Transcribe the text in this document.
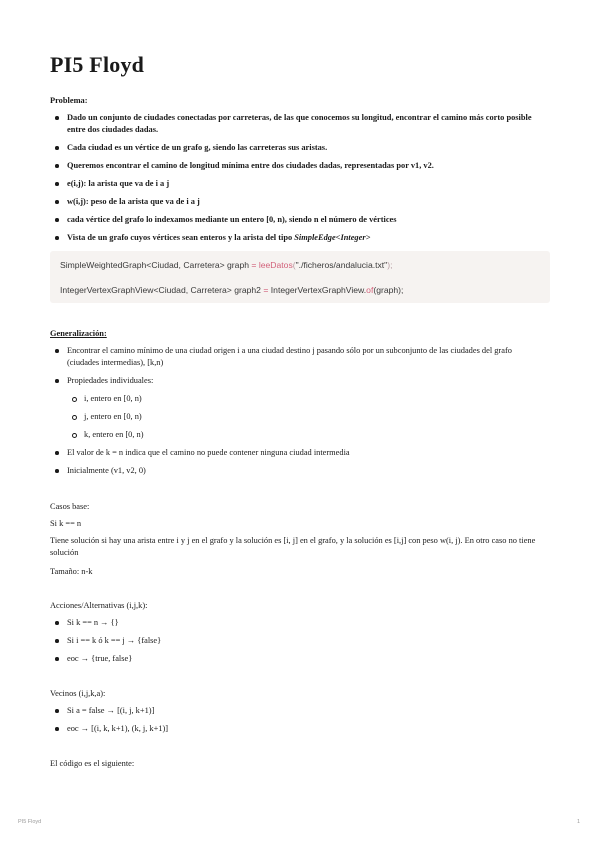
PI5 Floyd
Problema:
Dado un conjunto de ciudades conectadas por carreteras, de las que conocemos su longitud, encontrar el camino más corto posible entre dos ciudades dadas.
Cada ciudad es un vértice de un grafo g, siendo las carreteras sus aristas.
Queremos encontrar el camino de longitud mínima entre dos ciudades dadas, representadas por v1, v2.
e(i,j): la arista que va de i a j
w(i,j): peso de la arista que va de i a j
cada vértice del grafo lo indexamos mediante un entero [0, n), siendo n el número de vértices
Vista de un grafo cuyos vértices sean enteros y la arista del tipo SimpleEdge<Integer>
SimpleWeightedGraph<Ciudad, Carretera> graph = leeDatos("./ficheros/andalucia.txt");
IntegerVertexGraphView<Ciudad, Carretera> graph2 = IntegerVertexGraphView.of(graph);
Generalización:
Encontrar el camino mínimo de una ciudad origen i a una ciudad destino j pasando sólo por un subconjunto de las ciudades del grafo (ciudades intermedias), [k,n)
Propiedades individuales:
i, entero en [0, n)
j, entero en [0, n)
k, entero en [0, n)
El valor de k = n indica que el camino no puede contener ninguna ciudad intermedia
Inicialmente (v1, v2, 0)
Casos base:
Si k == n
Tiene solución si hay una arista entre i y j en el grafo y la solución es [i, j] en el grafo, y la solución es [i,j] con peso w(i, j). En otro caso no tiene solución
Tamaño: n-k
Acciones/Alternativas (i,j,k):
Si k == n → {}
Si i == k ó k == j → {false}
eoc → {true, false}
Vecinos (i,j,k,a):
Si a = false → [(i, j, k+1)]
eoc → [(i, k, k+1), (k, j, k+1)]
El código es el siguiente:
PI5 Floyd	1
